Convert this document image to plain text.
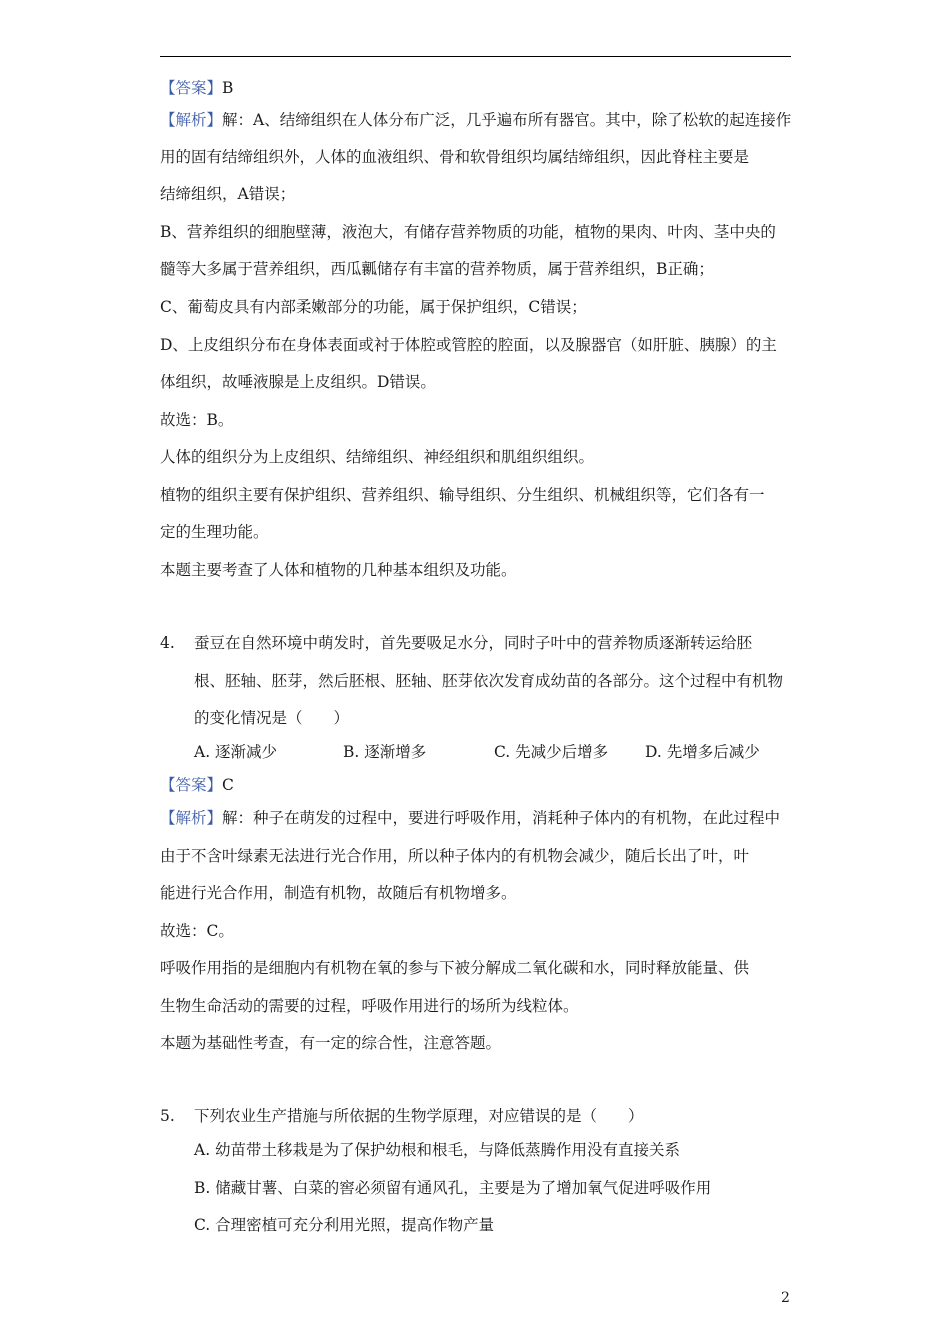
【答案】B
【解析】解：A、结缔组织在人体分布广泛，几乎遍布所有器官。其中，除了松软的起连接作
用的固有结缔组织外，人体的血液组织、骨和软骨组织均属结缔组织，因此脊柱主要是
结缔组织，A错误；
B、营养组织的细胞壁薄，液泡大，有储存营养物质的功能，植物的果肉、叶肉、茎中央的
髓等大多属于营养组织，西瓜瓤储存有丰富的营养物质，属于营养组织，B正确；
C、葡萄皮具有内部柔嫩部分的功能，属于保护组织，C错误；
D、上皮组织分布在身体表面或衬于体腔或管腔的腔面，以及腺器官（如肝脏、胰腺）的主
体组织，故唾液腺是上皮组织。D错误。
故选：B。
人体的组织分为上皮组织、结缔组织、神经组织和肌组织组织。
植物的组织主要有保护组织、营养组织、输导组织、分生组织、机械组织等，它们各有一
定的生理功能。
本题主要考查了人体和植物的几种基本组织及功能。
4. 蚕豆在自然环境中萌发时，首先要吸足水分，同时子叶中的营养物质逐渐转运给胚
根、胚轴、胚芽，然后胚根、胚轴、胚芽依次发育成幼苗的各部分。这个过程中有机物
的变化情况是（　　）
A. 逐渐减少	B. 逐渐增多	C. 先减少后增多 D. 先增多后减少
【答案】C
【解析】解：种子在萌发的过程中，要进行呼吸作用，消耗种子体内的有机物，在此过程中
由于不含叶绿素无法进行光合作用，所以种子体内的有机物会减少，随后长出了叶，叶
能进行光合作用，制造有机物，故随后有机物增多。
故选：C。
呼吸作用指的是细胞内有机物在氧的参与下被分解成二氧化碳和水，同时释放能量、供
生物生命活动的需要的过程，呼吸作用进行的场所为线粒体。
本题为基础性考查，有一定的综合性，注意答题。
5. 下列农业生产措施与所依据的生物学原理，对应错误的是（　　）
A. 幼苗带土移栽是为了保护幼根和根毛，与降低蒸腾作用没有直接关系
B. 储藏甘薯、白菜的窖必须留有通风孔，主要是为了增加氧气促进呼吸作用
C. 合理密植可充分利用光照，提高作物产量
2
